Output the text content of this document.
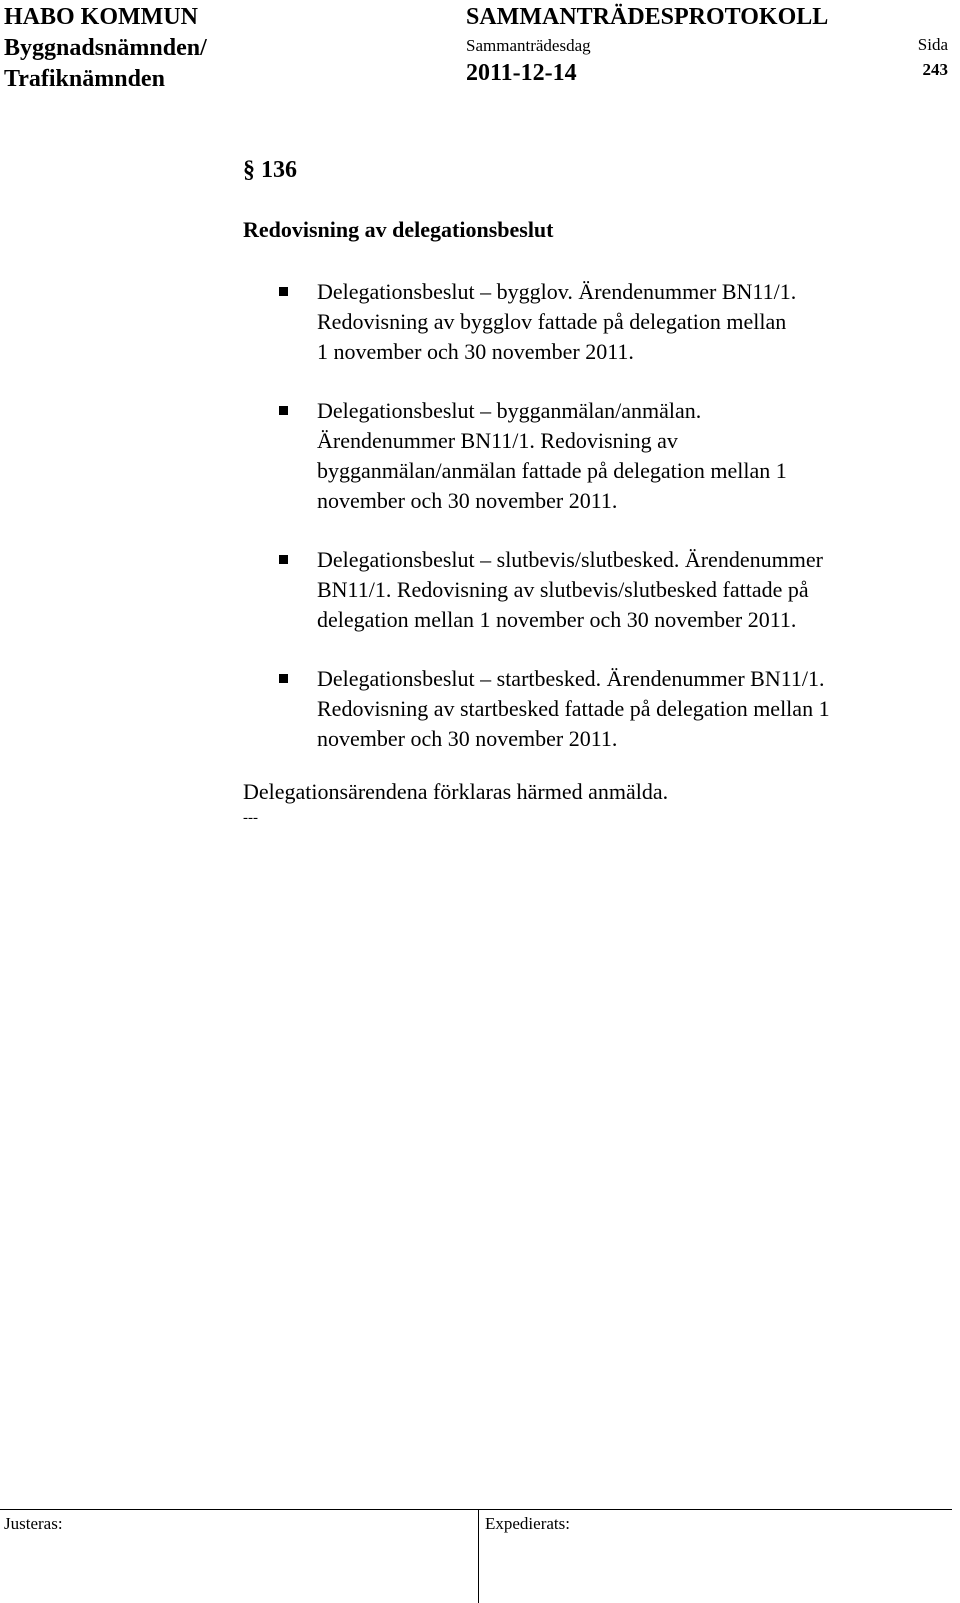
HABO KOMMUN
Byggnadsnämnden/
Trafiknämnden
SAMMANTRÄDESPROTOKOLL
Sammanträdesdag
2011-12-14
Sida
243
§ 136
Redovisning av delegationsbeslut
Delegationsbeslut – bygglov. Ärendenummer BN11/1.
Redovisning av bygglov fattade på delegation mellan
1 november och 30 november 2011.
Delegationsbeslut – bygganmälan/anmälan.
Ärendenummer BN11/1. Redovisning av
bygganmälan/anmälan fattade på delegation mellan 1
november och 30 november 2011.
Delegationsbeslut – slutbevis/slutbesked. Ärendenummer
BN11/1. Redovisning av slutbevis/slutbesked fattade på
delegation mellan 1 november och 30 november 2011.
Delegationsbeslut – startbesked. Ärendenummer BN11/1.
Redovisning av startbesked fattade på delegation mellan 1
november och 30 november 2011.
Delegationsärendena förklaras härmed anmälda.
---
Justeras:	Expedierats:
